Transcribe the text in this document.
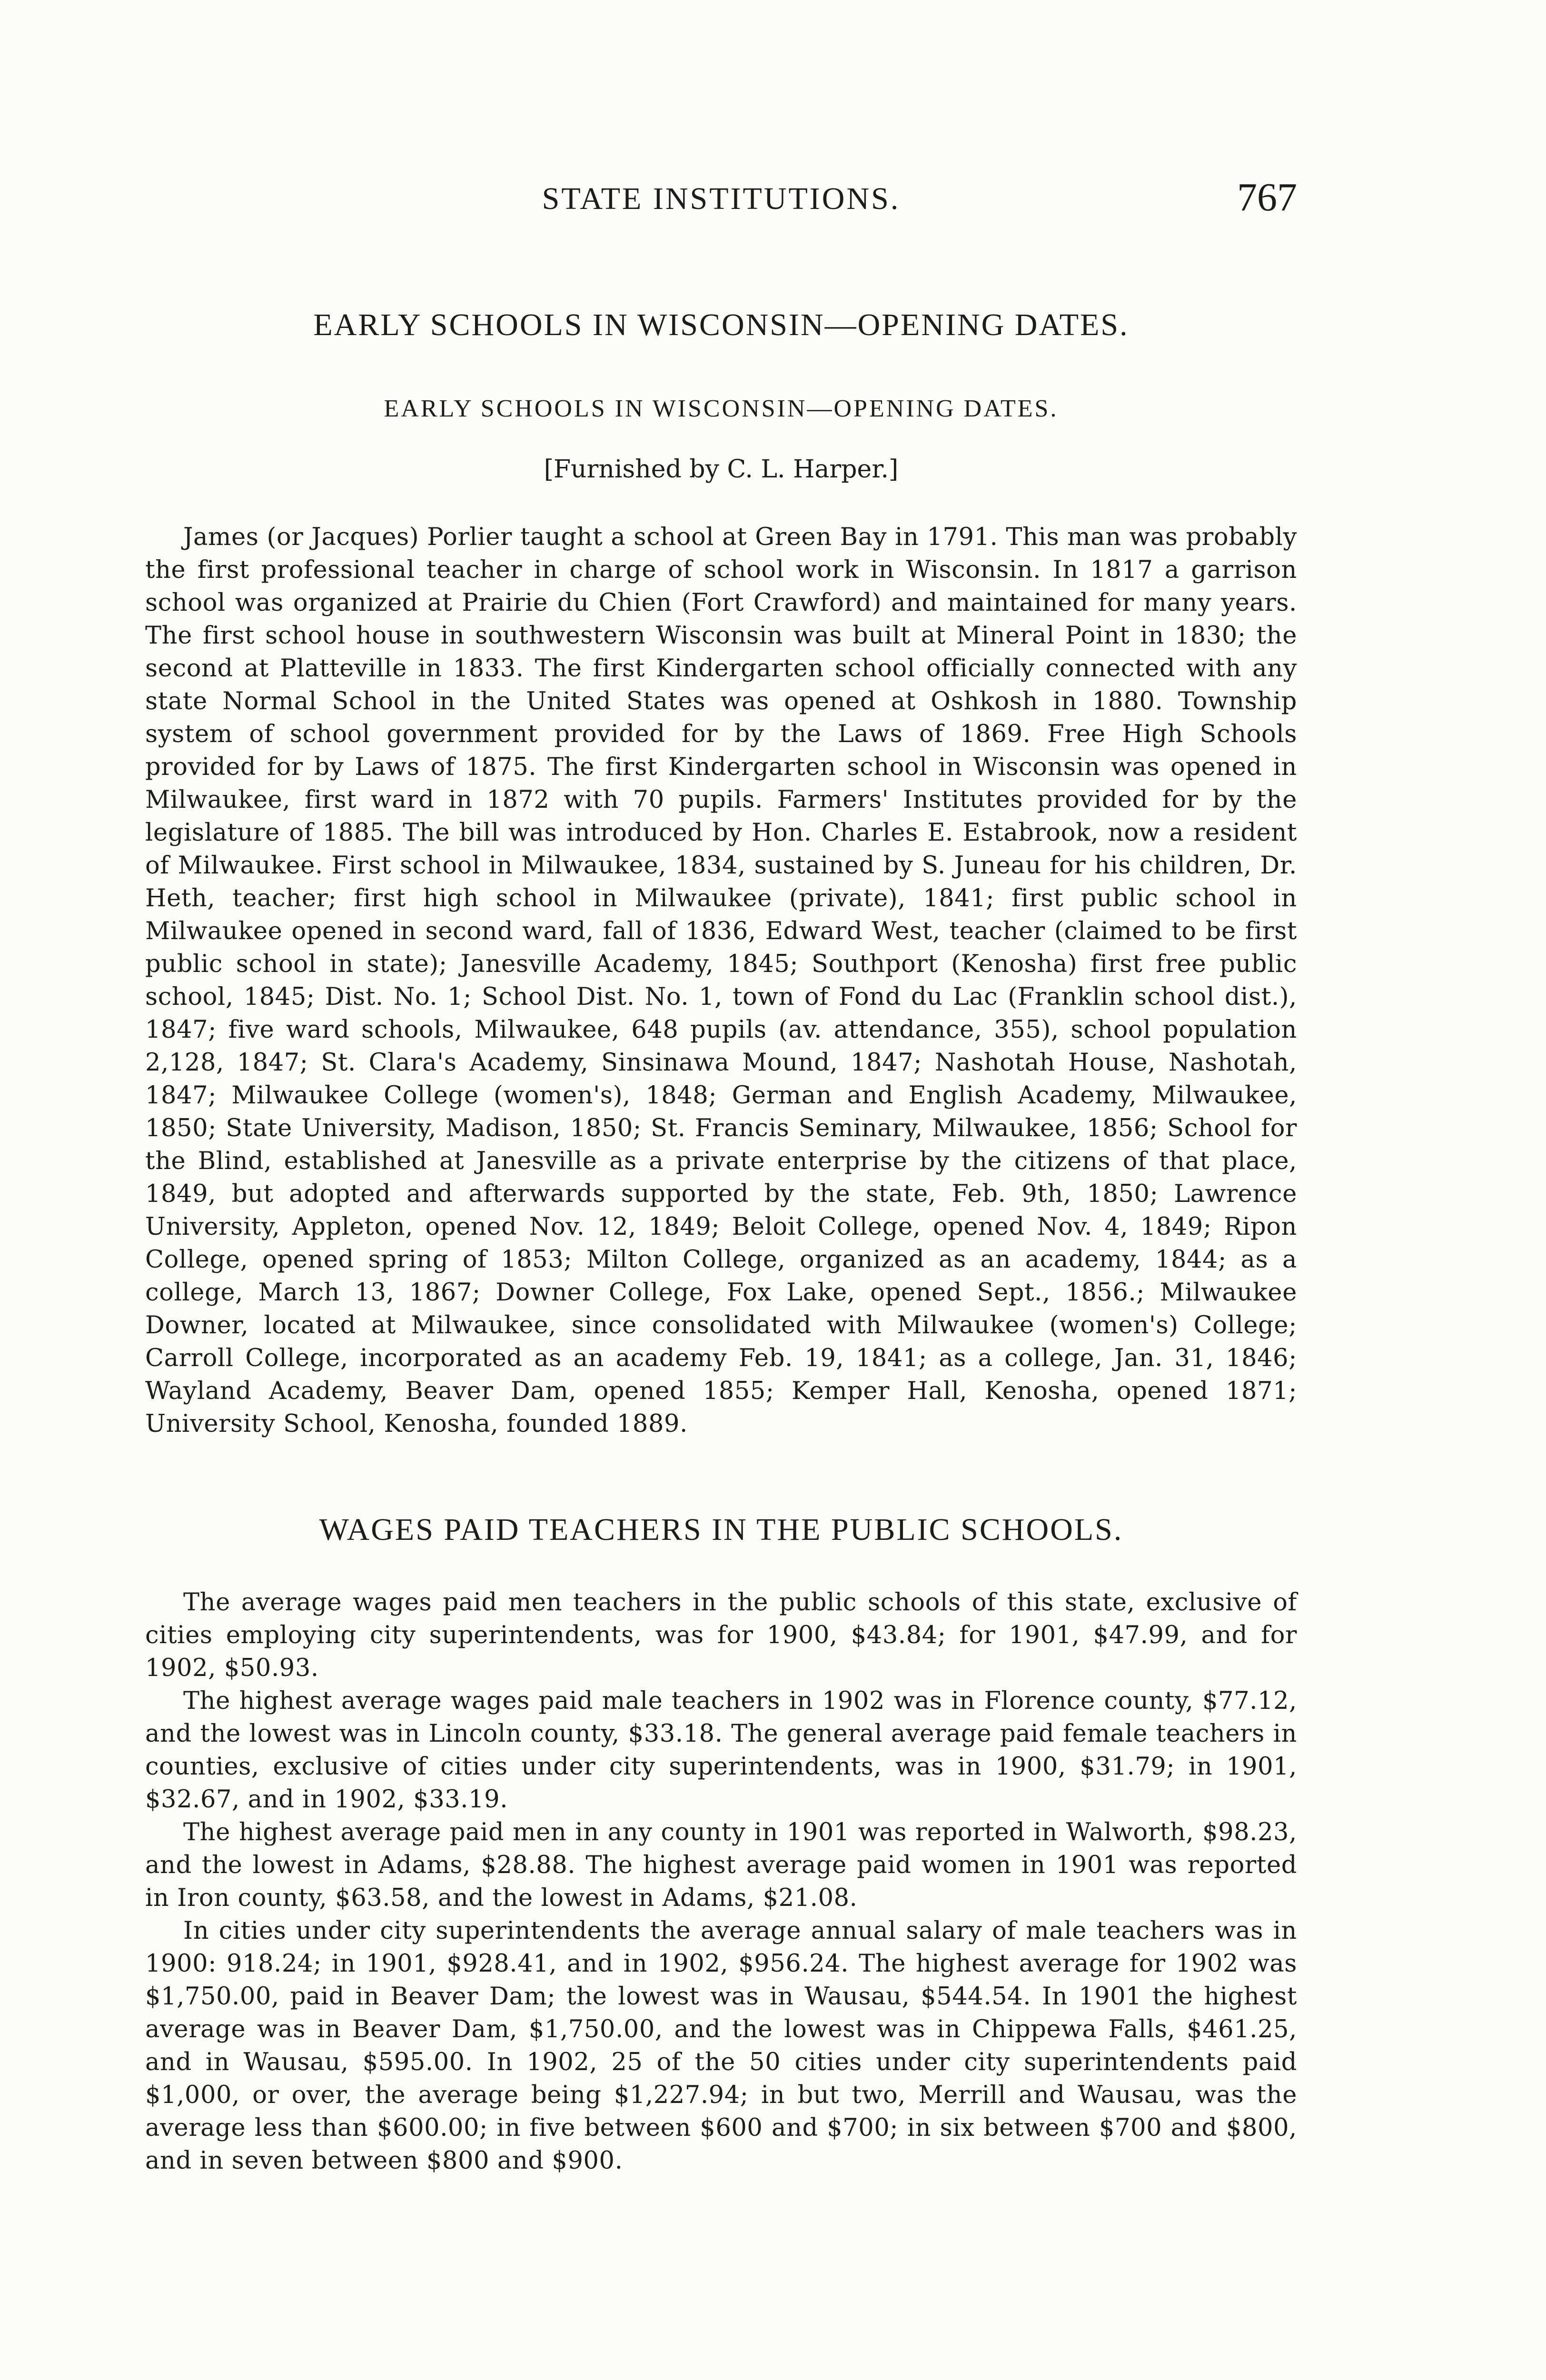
STATE INSTITUTIONS.	767
EARLY SCHOOLS IN WISCONSIN—OPENING DATES.
EARLY SCHOOLS IN WISCONSIN—OPENING DATES.

[Furnished by C. L. Harper.]

James (or Jacques) Porlier taught a school at Green Bay in 1791. This man was probably the first professional teacher in charge of school work in Wisconsin. In 1817 a garrison school was organized at Prairie du Chien (Fort Crawford) and maintained for many years. The first school house in southwestern Wisconsin was built at Mineral Point in 1830; the second at Platteville in 1833. The first Kindergarten school officially connected with any state Normal School in the United States was opened at Oshkosh in 1880. Township system of school government provided for by the Laws of 1869. Free High Schools provided for by Laws of 1875. The first Kindergarten school in Wisconsin was opened in Milwaukee, first ward in 1872 with 70 pupils. Farmers' Institutes provided for by the legislature of 1885. The bill was introduced by Hon. Charles E. Estabrook, now a resident of Milwaukee. First school in Milwaukee, 1834, sustained by S. Juneau for his children, Dr. Heth, teacher; first high school in Milwaukee (private), 1841; first public school in Milwaukee opened in second ward, fall of 1836, Edward West, teacher (claimed to be first public school in state); Janesville Academy, 1845; Southport (Kenosha) first free public school, 1845; Dist. No. 1; School Dist. No. 1, town of Fond du Lac (Franklin school dist.), 1847; five ward schools, Milwaukee, 648 pupils (av. attendance, 355), school population 2,128, 1847; St. Clara's Academy, Sinsinawa Mound, 1847; Nashotah House, Nashotah, 1847; Milwaukee College (women's), 1848; German and English Academy, Milwaukee, 1850; State University, Madison, 1850; St. Francis Seminary, Milwaukee, 1856; School for the Blind, established at Janesville as a private enterprise by the citizens of that place, 1849, but adopted and afterwards supported by the state, Feb. 9th, 1850; Lawrence University, Appleton, opened Nov. 12, 1849; Beloit College, opened Nov. 4, 1849; Ripon College, opened spring of 1853; Milton College, organized as an academy, 1844; as a college, March 13, 1867; Downer College, Fox Lake, opened Sept., 1856.; Milwaukee Downer, located at Milwaukee, since consolidated with Milwaukee (women's) College; Carroll College, incorporated as an academy Feb. 19, 1841; as a college, Jan. 31, 1846; Wayland Academy, Beaver Dam, opened 1855; Kemper Hall, Kenosha, opened 1871; University School, Kenosha, founded 1889.

WAGES PAID TEACHERS IN THE PUBLIC SCHOOLS.

The average wages paid men teachers in the public schools of this state, exclusive of cities employing city superintendents, was for 1900, $43.84; for 1901, $47.99, and for 1902, $50.93.

The highest average wages paid male teachers in 1902 was in Florence county, $77.12, and the lowest was in Lincoln county, $33.18. The general average paid female teachers in counties, exclusive of cities under city superintendents, was in 1900, $31.79; in 1901, $32.67, and in 1902, $33.19.

The highest average paid men in any county in 1901 was reported in Walworth, $98.23, and the lowest in Adams, $28.88. The highest average paid women in 1901 was reported in Iron county, $63.58, and the lowest in Adams, $21.08.

In cities under city superintendents the average annual salary of male teachers was in 1900: 918.24; in 1901, $928.41, and in 1902, $956.24. The highest average for 1902 was $1,750.00, paid in Beaver Dam; the lowest was in Wausau, $544.54. In 1901 the highest average was in Beaver Dam, $1,750.00, and the lowest was in Chippewa Falls, $461.25, and in Wausau, $595.00. In 1902, 25 of the 50 cities under city superintendents paid $1,000, or over, the average being $1,227.94; in but two, Merrill and Wausau, was the average less than $600.00; in five between $600 and $700; in six between $700 and $800, and in seven between $800 and $900.
